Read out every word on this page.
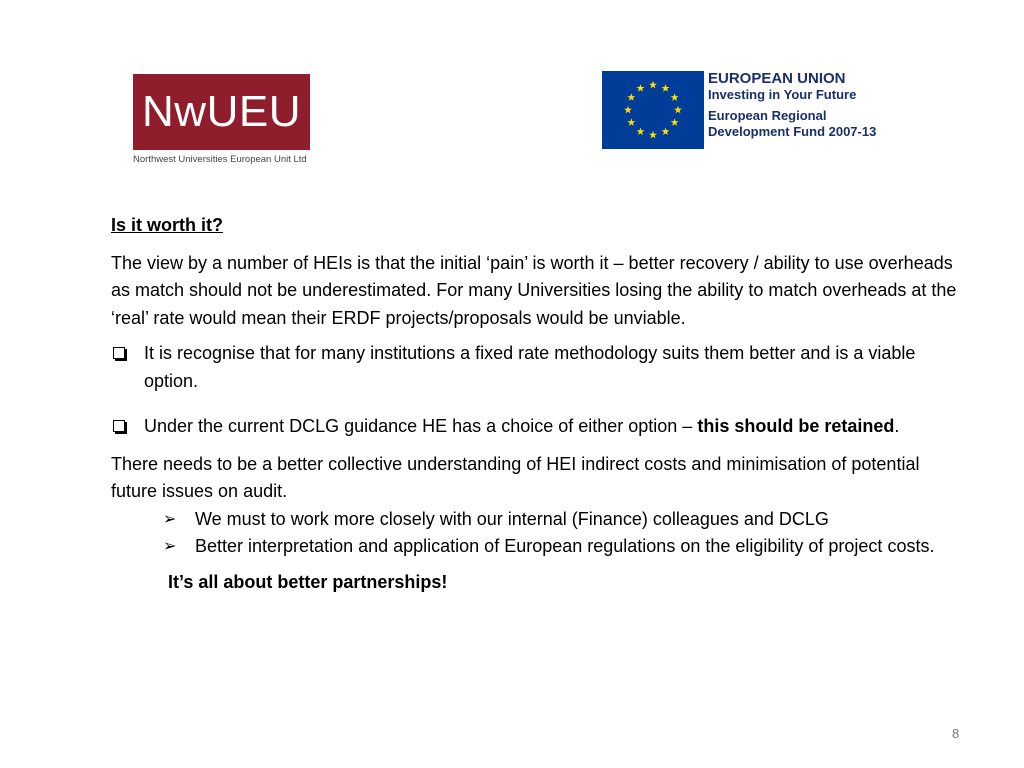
NwUEU
Northwest Universities European Unit Ltd
EUROPEAN UNION
Investing in Your Future
European Regional
Development Fund 2007-13

Is it worth it?

The view by a number of HEIs is that the initial ‘pain’ is worth it – better recovery / ability to use overheads as match should not be underestimated. For many Universities losing the ability to match overheads at the ‘real’ rate would mean their ERDF projects/proposals would be unviable.

It is recognise that for many institutions a fixed rate methodology suits them better and is a viable option.
Under the current DCLG guidance HE has a choice of either option – this should be retained.

There needs to be a better collective understanding of HEI indirect costs and minimisation of potential future issues on audit.

➢ We must to work more closely with our internal (Finance) colleagues and DCLG
➢ Better interpretation and application of European regulations on the eligibility of project costs.

It’s all about better partnerships!

8
